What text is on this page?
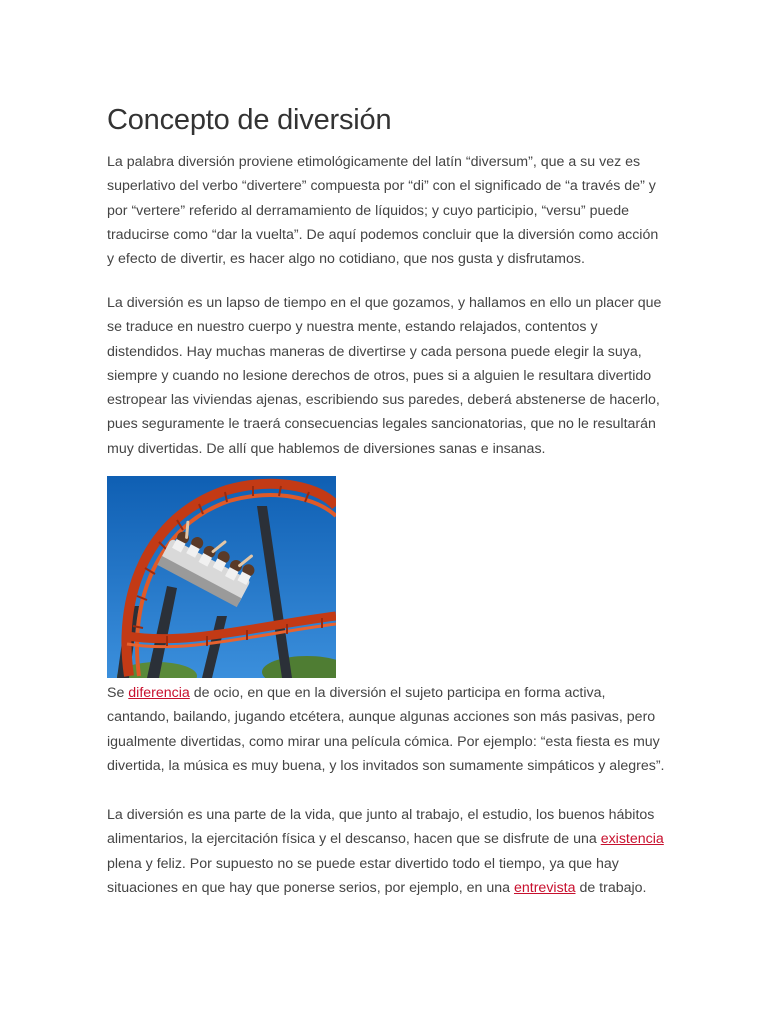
Concepto de diversión

La palabra diversión proviene etimológicamente del latín “diversum”, que a su vez es superlativo del verbo “divertere” compuesta por “di” con el significado de “a través de” y por “vertere” referido al derramamiento de líquidos; y cuyo participio, “versu” puede traducirse como “dar la vuelta”. De aquí podemos concluir que la diversión como acción y efecto de divertir, es hacer algo no cotidiano, que nos gusta y disfrutamos.

La diversión es un lapso de tiempo en el que gozamos, y hallamos en ello un placer que se traduce en nuestro cuerpo y nuestra mente, estando relajados, contentos y distendidos. Hay muchas maneras de divertirse y cada persona puede elegir la suya, siempre y cuando no lesione derechos de otros, pues si a alguien le resultara divertido estropear las viviendas ajenas, escribiendo sus paredes, deberá abstenerse de hacerlo, pues seguramente le traerá consecuencias legales sancionatorias, que no le resultarán muy divertidas. De allí que hablemos de diversiones sanas e insanas.

Se diferencia de ocio, en que en la diversión el sujeto participa en forma activa, cantando, bailando, jugando etcétera, aunque algunas acciones son más pasivas, pero igualmente divertidas, como mirar una película cómica. Por ejemplo: “esta fiesta es muy divertida, la música es muy buena, y los invitados son sumamente simpáticos y alegres”.

La diversión es una parte de la vida, que junto al trabajo, el estudio, los buenos hábitos alimentarios, la ejercitación física y el descanso, hacen que se disfrute de una existencia plena y feliz. Por supuesto no se puede estar divertido todo el tiempo, ya que hay situaciones en que hay que ponerse serios, por ejemplo, en una entrevista de trabajo.
